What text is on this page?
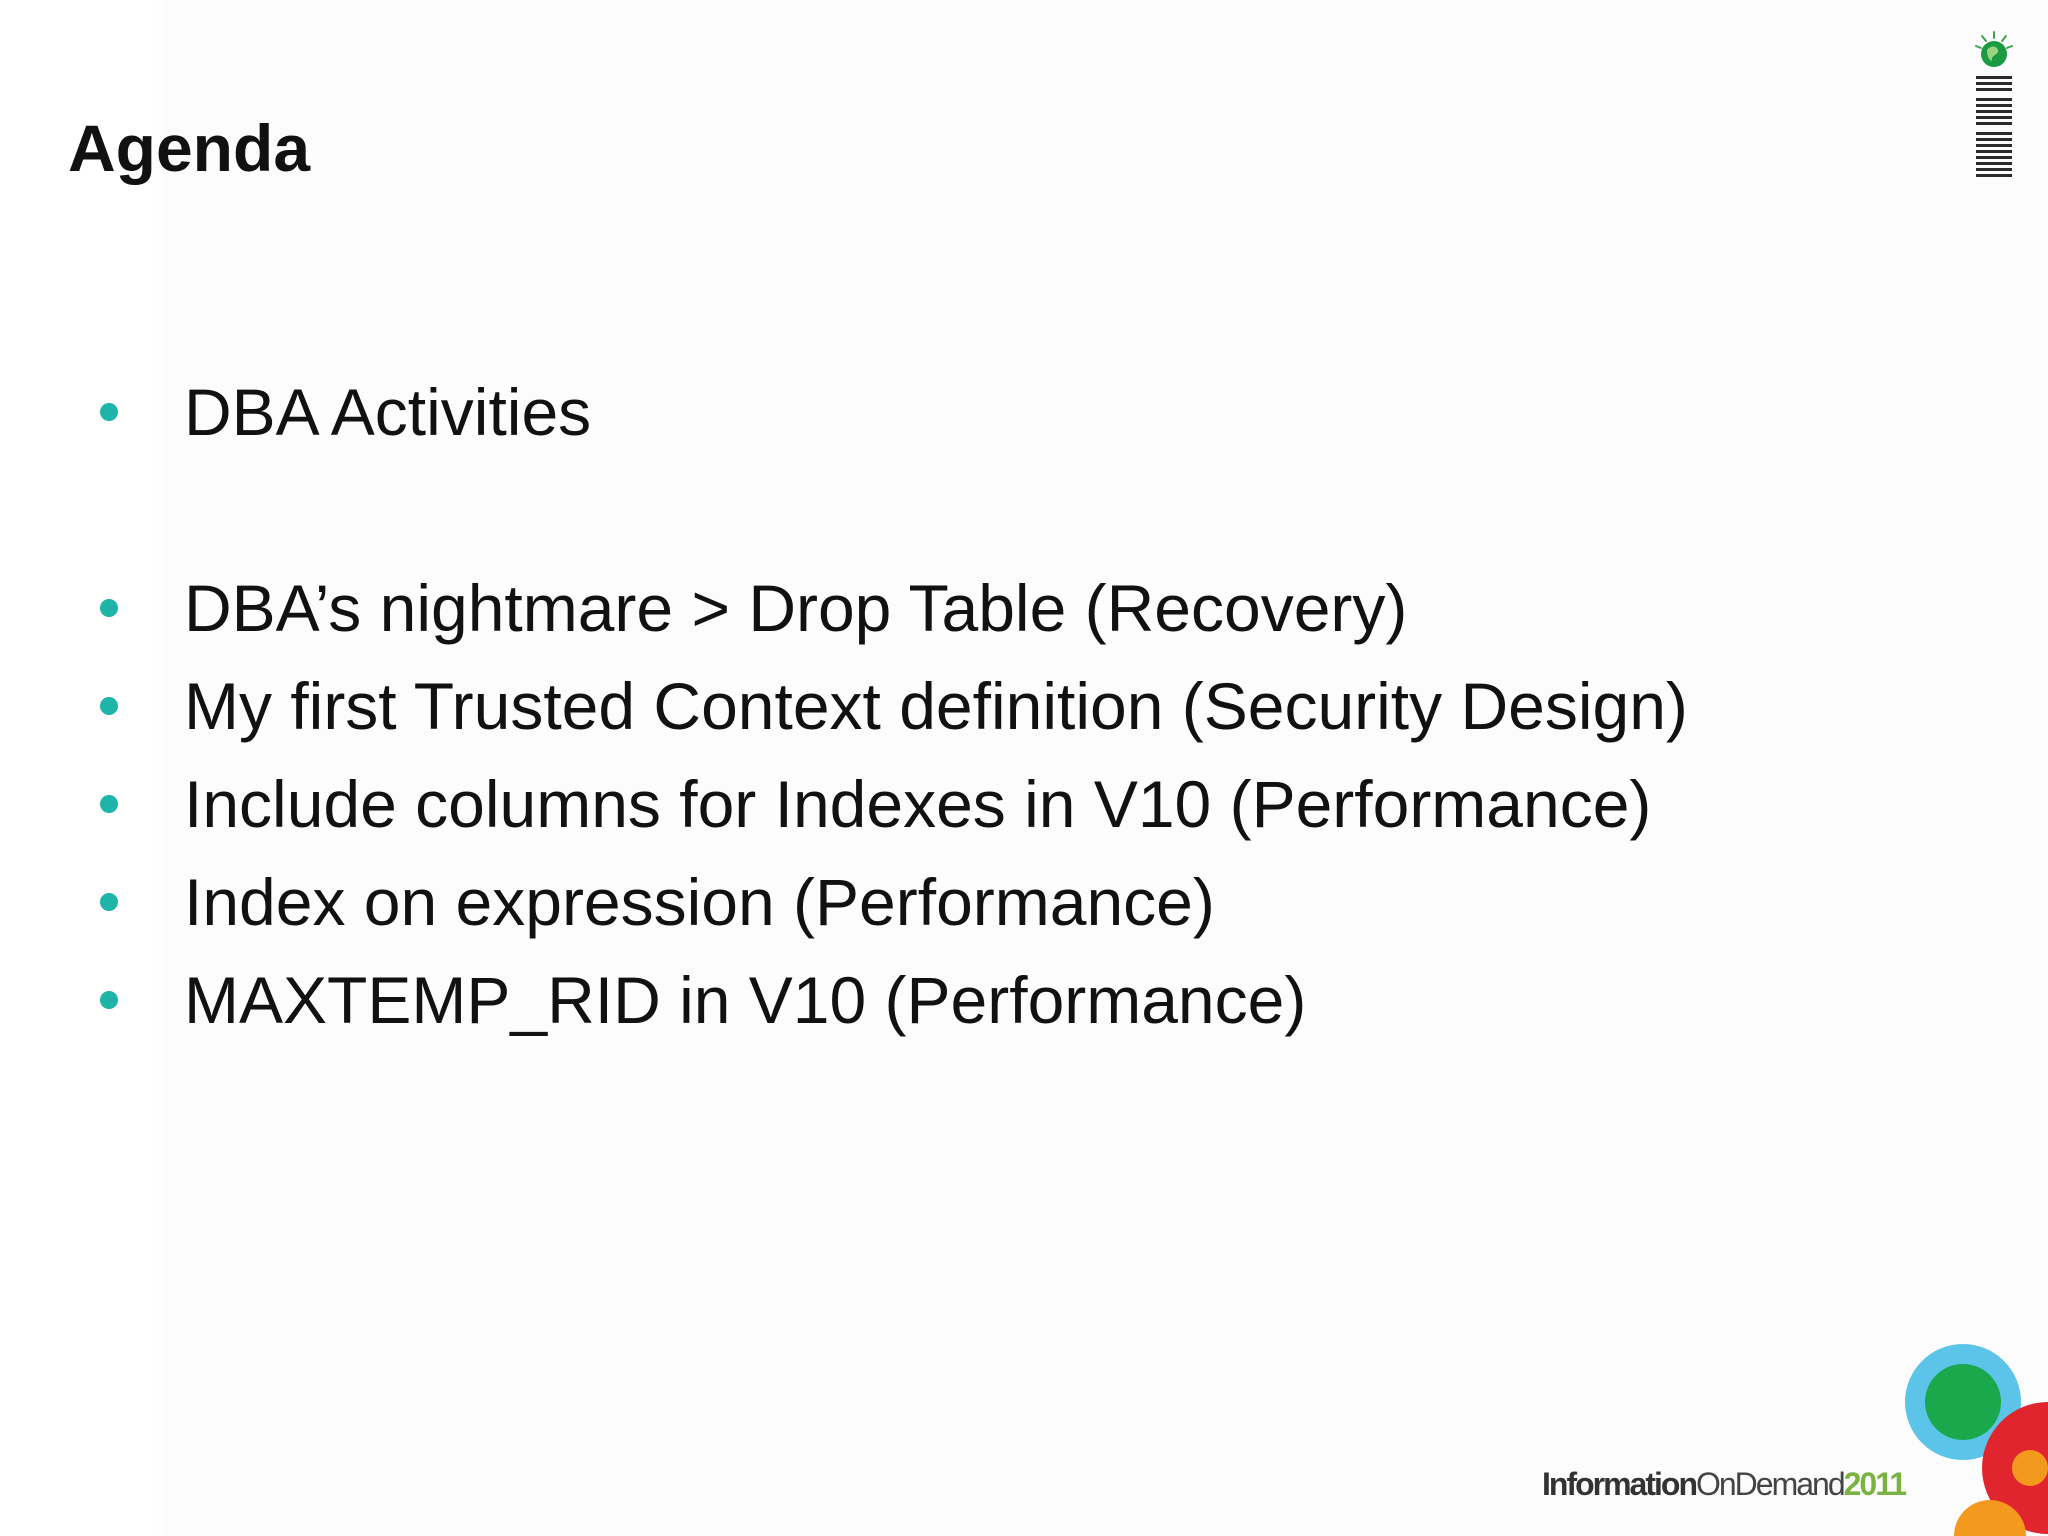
Agenda
DBA Activities
DBA’s nightmare > Drop Table (Recovery)
My first Trusted Context definition (Security Design)
Include columns for Indexes in V10 (Performance)
Index on expression (Performance)
MAXTEMP_RID in V10 (Performance)
InformationOnDemand2011
